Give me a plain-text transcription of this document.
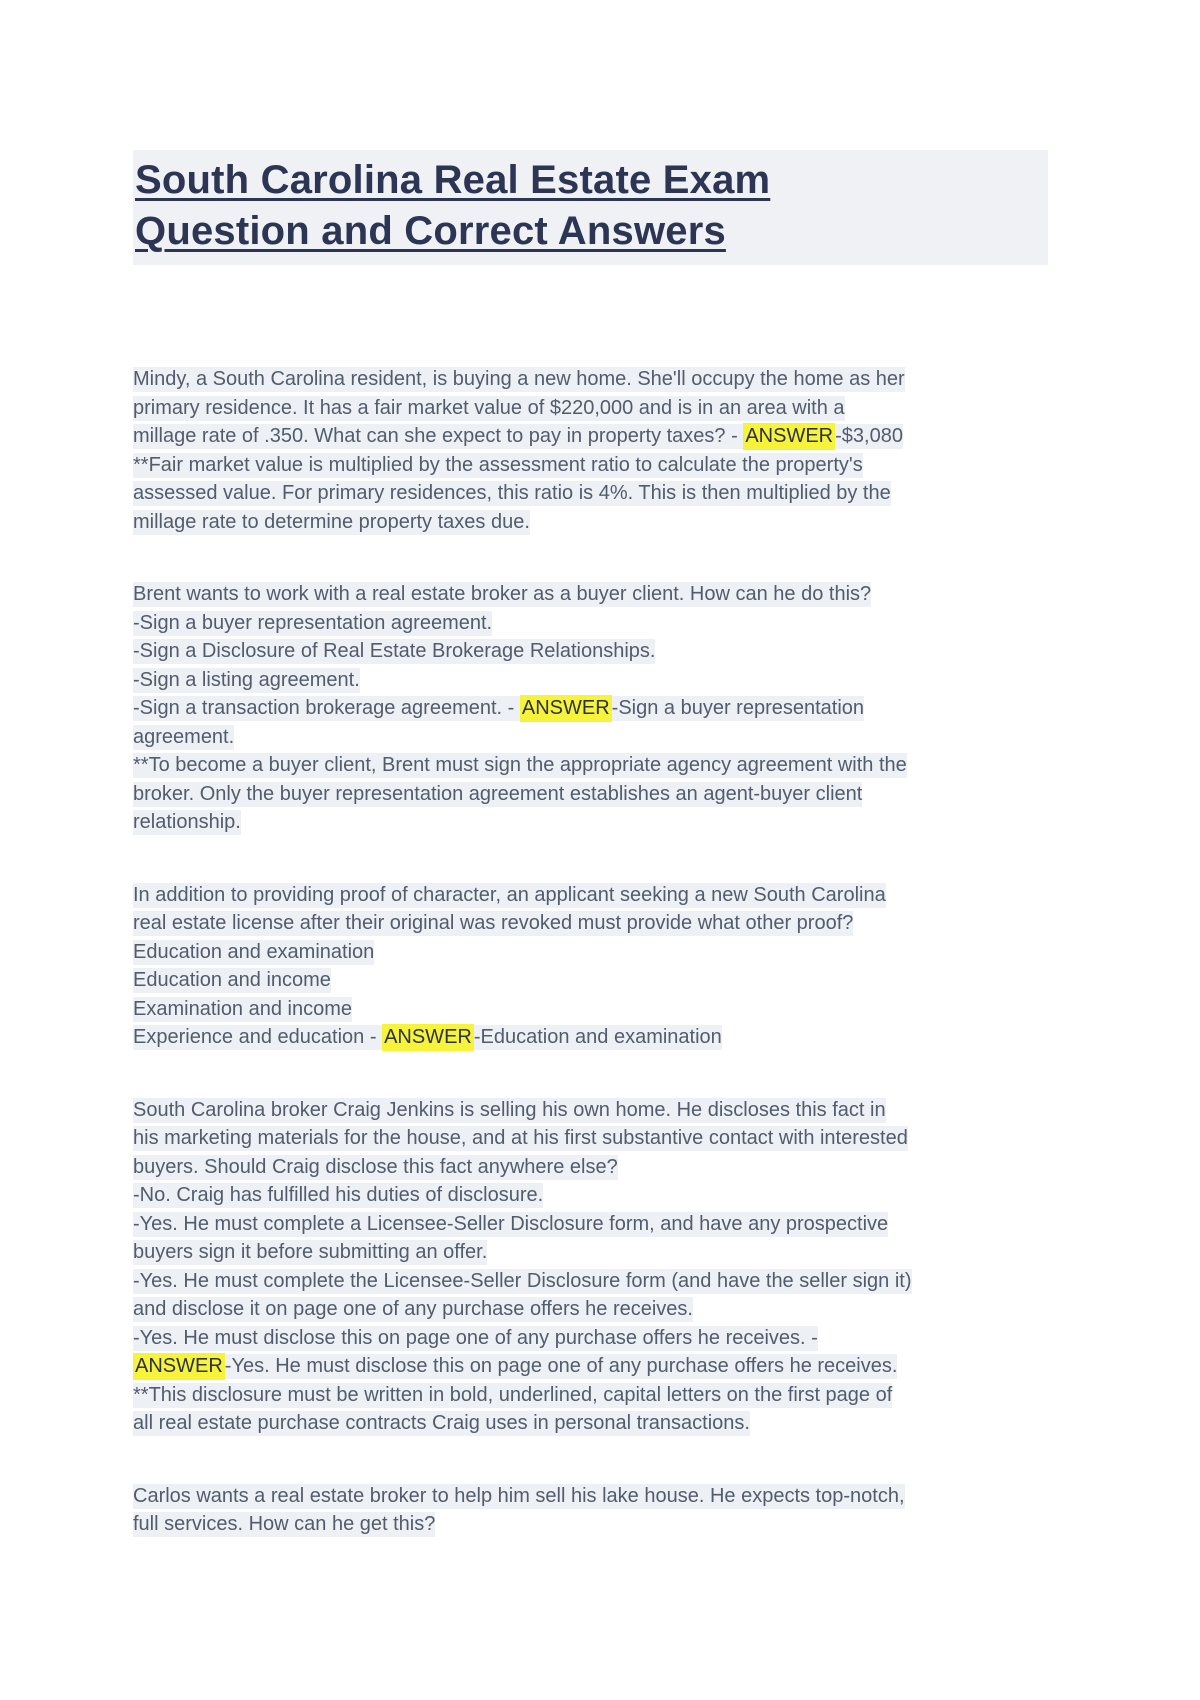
South Carolina Real Estate Exam
Question and Correct Answers
Mindy, a South Carolina resident, is buying a new home. She'll occupy the home as her
primary residence. It has a fair market value of $220,000 and is in an area with a
millage rate of .350. What can she expect to pay in property taxes? - ANSWER -$3,080
**Fair market value is multiplied by the assessment ratio to calculate the property's
assessed value. For primary residences, this ratio is 4%. This is then multiplied by the
millage rate to determine property taxes due.
Brent wants to work with a real estate broker as a buyer client. How can he do this?
-Sign a buyer representation agreement.
-Sign a Disclosure of Real Estate Brokerage Relationships.
-Sign a listing agreement.
-Sign a transaction brokerage agreement. - ANSWER -Sign a buyer representation
agreement.
**To become a buyer client, Brent must sign the appropriate agency agreement with the
broker. Only the buyer representation agreement establishes an agent-buyer client
relationship.
In addition to providing proof of character, an applicant seeking a new South Carolina
real estate license after their original was revoked must provide what other proof?
Education and examination
Education and income
Examination and income
Experience and education - ANSWER -Education and examination
South Carolina broker Craig Jenkins is selling his own home. He discloses this fact in
his marketing materials for the house, and at his first substantive contact with interested
buyers. Should Craig disclose this fact anywhere else?
-No. Craig has fulfilled his duties of disclosure.
-Yes. He must complete a Licensee-Seller Disclosure form, and have any prospective
buyers sign it before submitting an offer.
-Yes. He must complete the Licensee-Seller Disclosure form (and have the seller sign it)
and disclose it on page one of any purchase offers he receives.
-Yes. He must disclose this on page one of any purchase offers he receives. -
ANSWER -Yes. He must disclose this on page one of any purchase offers he receives.
**This disclosure must be written in bold, underlined, capital letters on the first page of
all real estate purchase contracts Craig uses in personal transactions.
Carlos wants a real estate broker to help him sell his lake house. He expects top-notch,
full services. How can he get this?
